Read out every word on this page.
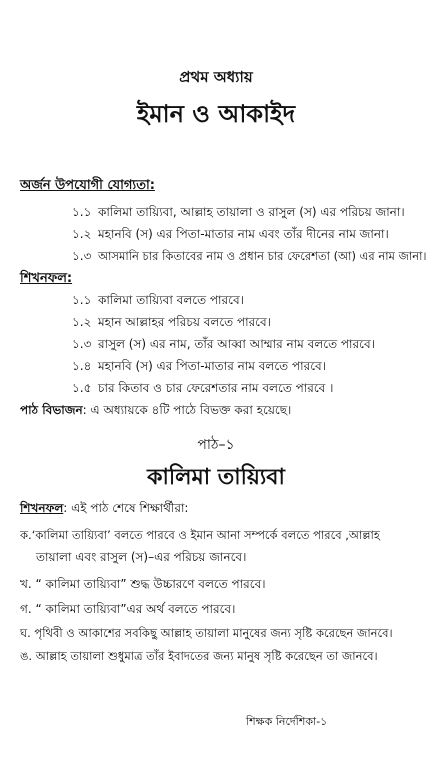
প্রথম অধ্যায়
ইমান ও আকাইদ
অর্জন উপযোগী যোগ্যতা:
১.১ কালিমা তায়্যিবা, আল্লাহ তায়ালা ও রাসুল (স) এর পরিচয় জানা।
১.২ মহানবি (স) এর পিতা-মাতার নাম এবং তাঁর দীনের নাম জানা।
১.৩ আসমানি চার কিতাবের নাম ও প্রধান চার ফেরেশতা (আ) এর নাম জানা।
শিখনফল:
১.১ কালিমা তায়্যিবা বলতে পারবে।
১.২ মহান আল্লাহর পরিচয় বলতে পারবে।
১.৩ রাসুল (স) এর নাম, তাঁর আব্বা আম্মার নাম বলতে পারবে।
১.৪ মহানবি (স) এর পিতা-মাতার নাম বলতে পারবে।
১.৫ চার কিতাব ও চার ফেরেশতার নাম বলতে পারবে ।
পাঠ বিভাজন: এ অধ্যায়কে ৪টি পাঠে বিভক্ত করা হয়েছে।
পাঠ–১
কালিমা তায়্যিবা
শিখনফল: এই পাঠ শেষে শিক্ষার্থীরা:
ক.‘কালিমা তায়্যিবা’ বলতে পারবে ও ইমান আনা সম্পর্কে বলতে পারবে ,আল্লাহ
তায়ালা এবং রাসুল (স)–এর পরিচয় জানবে।
খ. “ কালিমা তায়্যিবা” শুদ্ধ উচ্চারণে বলতে পারবে।
গ. “ কালিমা তায়্যিবা”এর অর্থ বলতে পারবে।
ঘ. পৃথিবী ও আকাশের সবকিছু আল্লাহ তায়ালা মানুষের জন্য সৃষ্টি করেছেন জানবে।
ঙ. আল্লাহ তায়ালা শুধুমাত্র তাঁর ইবাদতের জন্য মানুষ সৃষ্টি করেছেন তা জানবে।
শিক্ষক নির্দেশিকা-১
